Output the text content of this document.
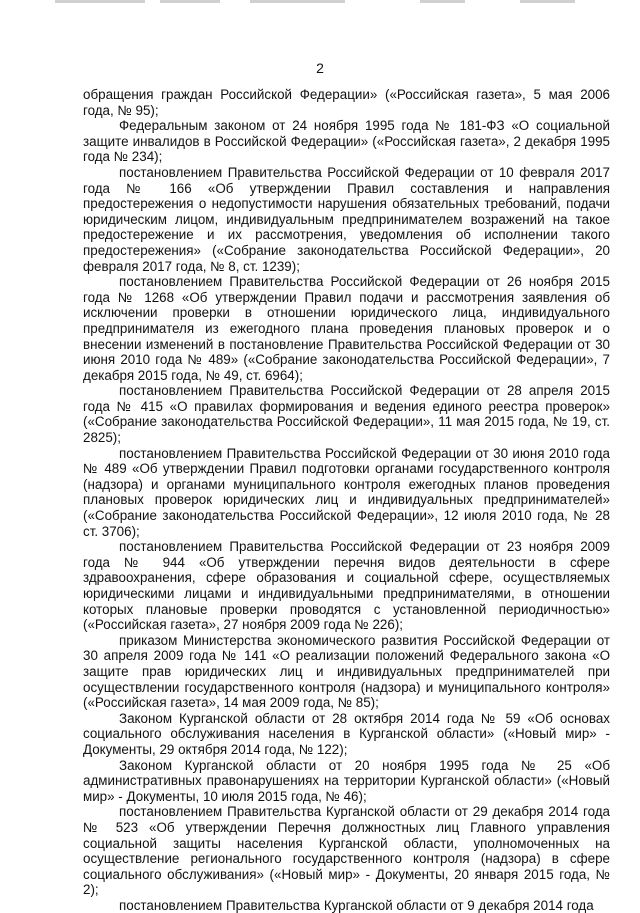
2

обращения граждан Российской Федерации» («Российская газета», 5 мая 2006 года, № 95);

Федеральным законом от 24 ноября 1995 года № 181-ФЗ «О социальной защите инвалидов в Российской Федерации» («Российская газета», 2 декабря 1995 года № 234);

постановлением Правительства Российской Федерации от 10 февраля 2017 года № 166 «Об утверждении Правил составления и направления предостережения о недопустимости нарушения обязательных требований, подачи юридическим лицом, индивидуальным предпринимателем возражений на такое предостережение и их рассмотрения, уведомления об исполнении такого предостережения» («Собрание законодательства Российской Федерации», 20 февраля 2017 года, № 8, ст. 1239);

постановлением Правительства Российской Федерации от 26 ноября 2015 года № 1268 «Об утверждении Правил подачи и рассмотрения заявления об исключении проверки в отношении юридического лица, индивидуального предпринимателя из ежегодного плана проведения плановых проверок и о внесении изменений в постановление Правительства Российской Федерации от 30 июня 2010 года № 489» («Собрание законодательства Российской Федерации», 7 декабря 2015 года, № 49, ст. 6964);

постановлением Правительства Российской Федерации от 28 апреля 2015 года № 415 «О правилах формирования и ведения единого реестра проверок» («Собрание законодательства Российской Федерации», 11 мая 2015 года, № 19, ст. 2825);

постановлением Правительства Российской Федерации от 30 июня 2010 года № 489 «Об утверждении Правил подготовки органами государственного контроля (надзора) и органами муниципального контроля ежегодных планов проведения плановых проверок юридических лиц и индивидуальных предпринимателей» («Собрание законодательства Российской Федерации», 12 июля 2010 года, № 28 ст. 3706);

постановлением Правительства Российской Федерации от 23 ноября 2009 года № 944 «Об утверждении перечня видов деятельности в сфере здравоохранения, сфере образования и социальной сфере, осуществляемых юридическими лицами и индивидуальными предпринимателями, в отношении которых плановые проверки проводятся с установленной периодичностью» («Российская газета», 27 ноября 2009 года № 226);

приказом Министерства экономического развития Российской Федерации от 30 апреля 2009 года № 141 «О реализации положений Федерального закона «О защите прав юридических лиц и индивидуальных предпринимателей при осуществлении государственного контроля (надзора) и муниципального контроля» («Российская газета», 14 мая 2009 года, № 85);

Законом Курганской области от 28 октября 2014 года № 59 «Об основах социального обслуживания населения в Курганской области» («Новый мир» - Документы, 29 октября 2014 года, № 122);

Законом Курганской области от 20 ноября 1995 года № 25 «Об административных правонарушениях на территории Курганской области» («Новый мир» - Документы, 10 июля 2015 года, № 46);

постановлением Правительства Курганской области от 29 декабря 2014 года № 523 «Об утверждении Перечня должностных лиц Главного управления социальной защиты населения Курганской области, уполномоченных на осуществление регионального государственного контроля (надзора) в сфере социального обслуживания» («Новый мир» - Документы, 20 января 2015 года, № 2);

постановлением Правительства Курганской области от 9 декабря 2014 года
